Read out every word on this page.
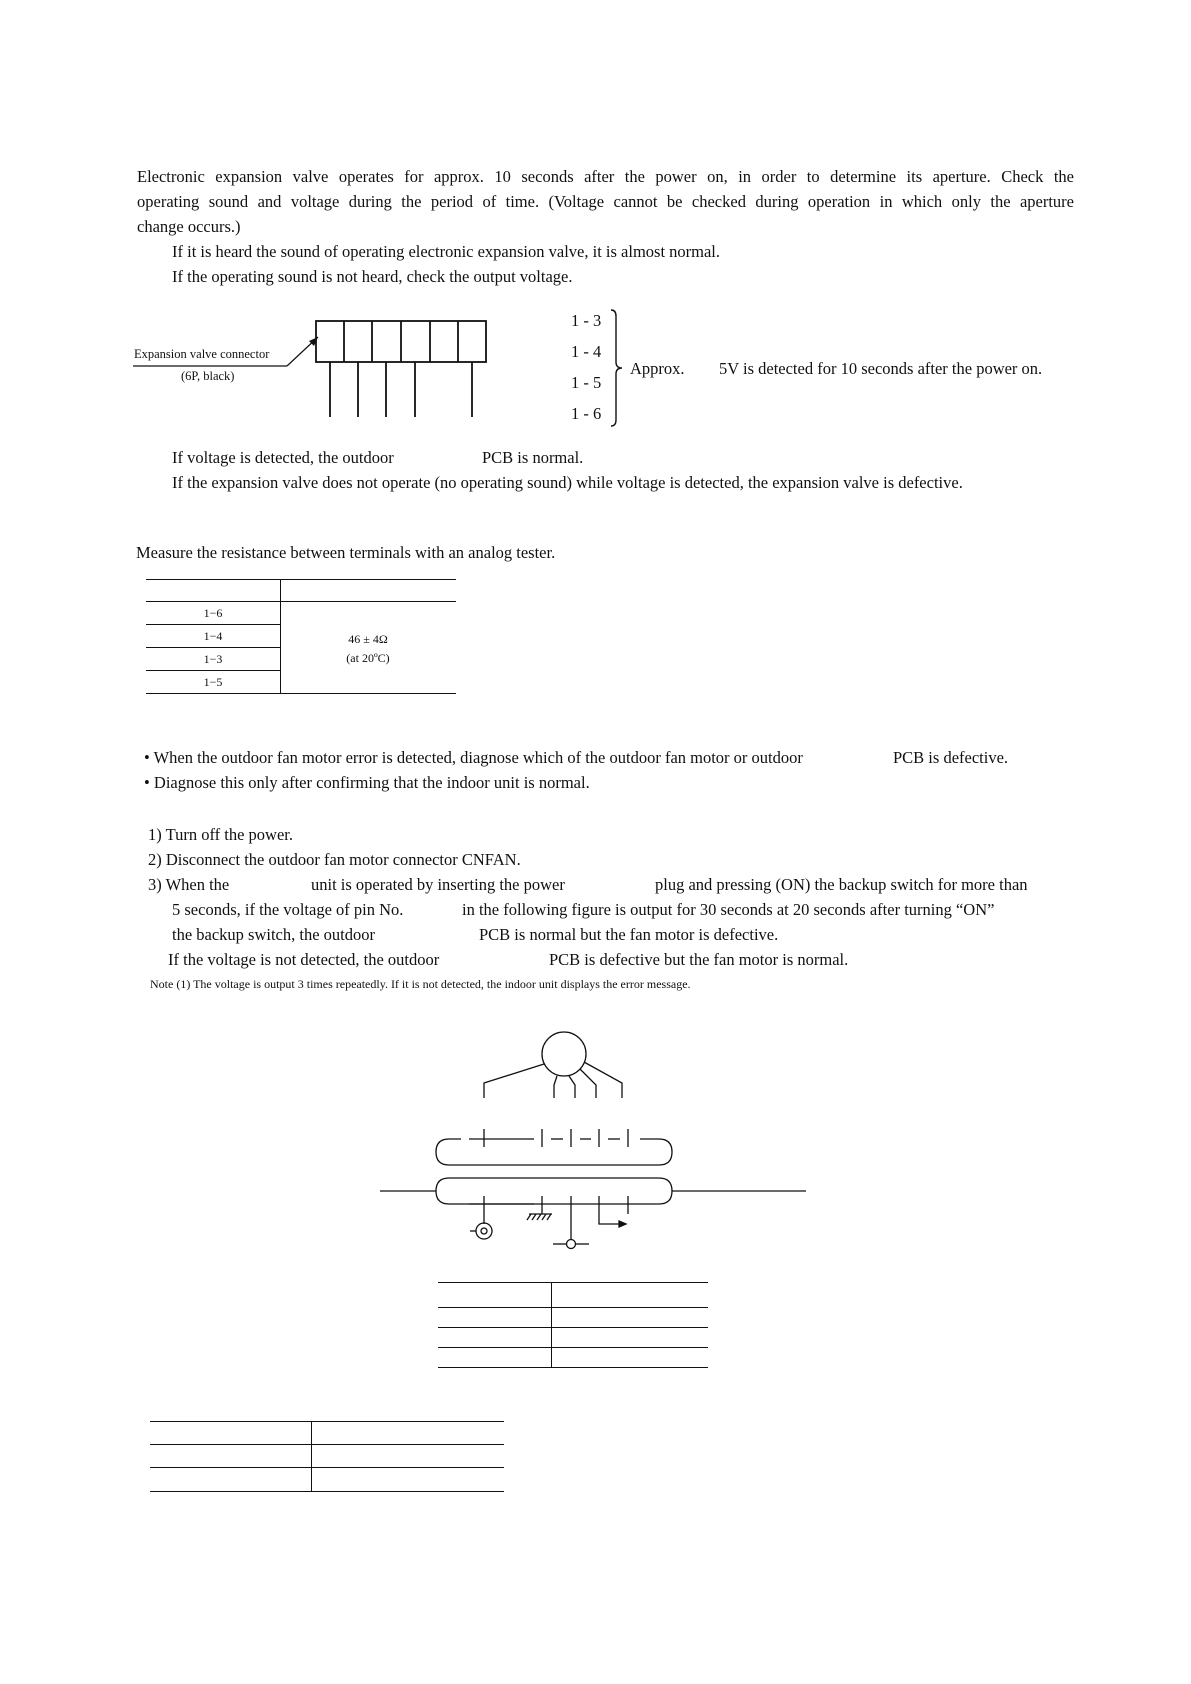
Electronic expansion valve operates for approx. 10 seconds after the power on, in order to determine its aperture. Check the
operating sound and voltage during the period of time. (Voltage cannot be checked during operation in which only the aperture
change occurs.)
If it is heard the sound of operating electronic expansion valve, it is almost normal.
If the operating sound is not heard, check the output voltage.
Expansion valve connector
(6P, black)
1 - 3
1 - 4
1 - 5
1 - 6
Approx. 5V is detected for 10 seconds after the power on.
If voltage is detected, the outdoor	PCB is normal.
If the expansion valve does not operate (no operating sound) while voltage is detected, the expansion valve is defective.
Measure the resistance between terminals with an analog tester.
1−6
1−4
1−3
1−5
46 ± 4Ω
(at 20ºC)
• When the outdoor fan motor error is detected, diagnose which of the outdoor fan motor or outdoor	PCB is defective.
• Diagnose this only after confirming that the indoor unit is normal.
1) Turn off the power.
2) Disconnect the outdoor fan motor connector CNFAN.
3) When the	unit is operated by inserting the power	plug and pressing (ON) the backup switch for more than
5 seconds, if the voltage of pin No.	in the following figure is output for 30 seconds at 20 seconds after turning “ON”
the backup switch, the outdoor	PCB is normal but the fan motor is defective.
If the voltage is not detected, the outdoor	PCB is defective but the fan motor is normal.
Note (1) The voltage is output 3 times repeatedly. If it is not detected, the indoor unit displays the error message.
